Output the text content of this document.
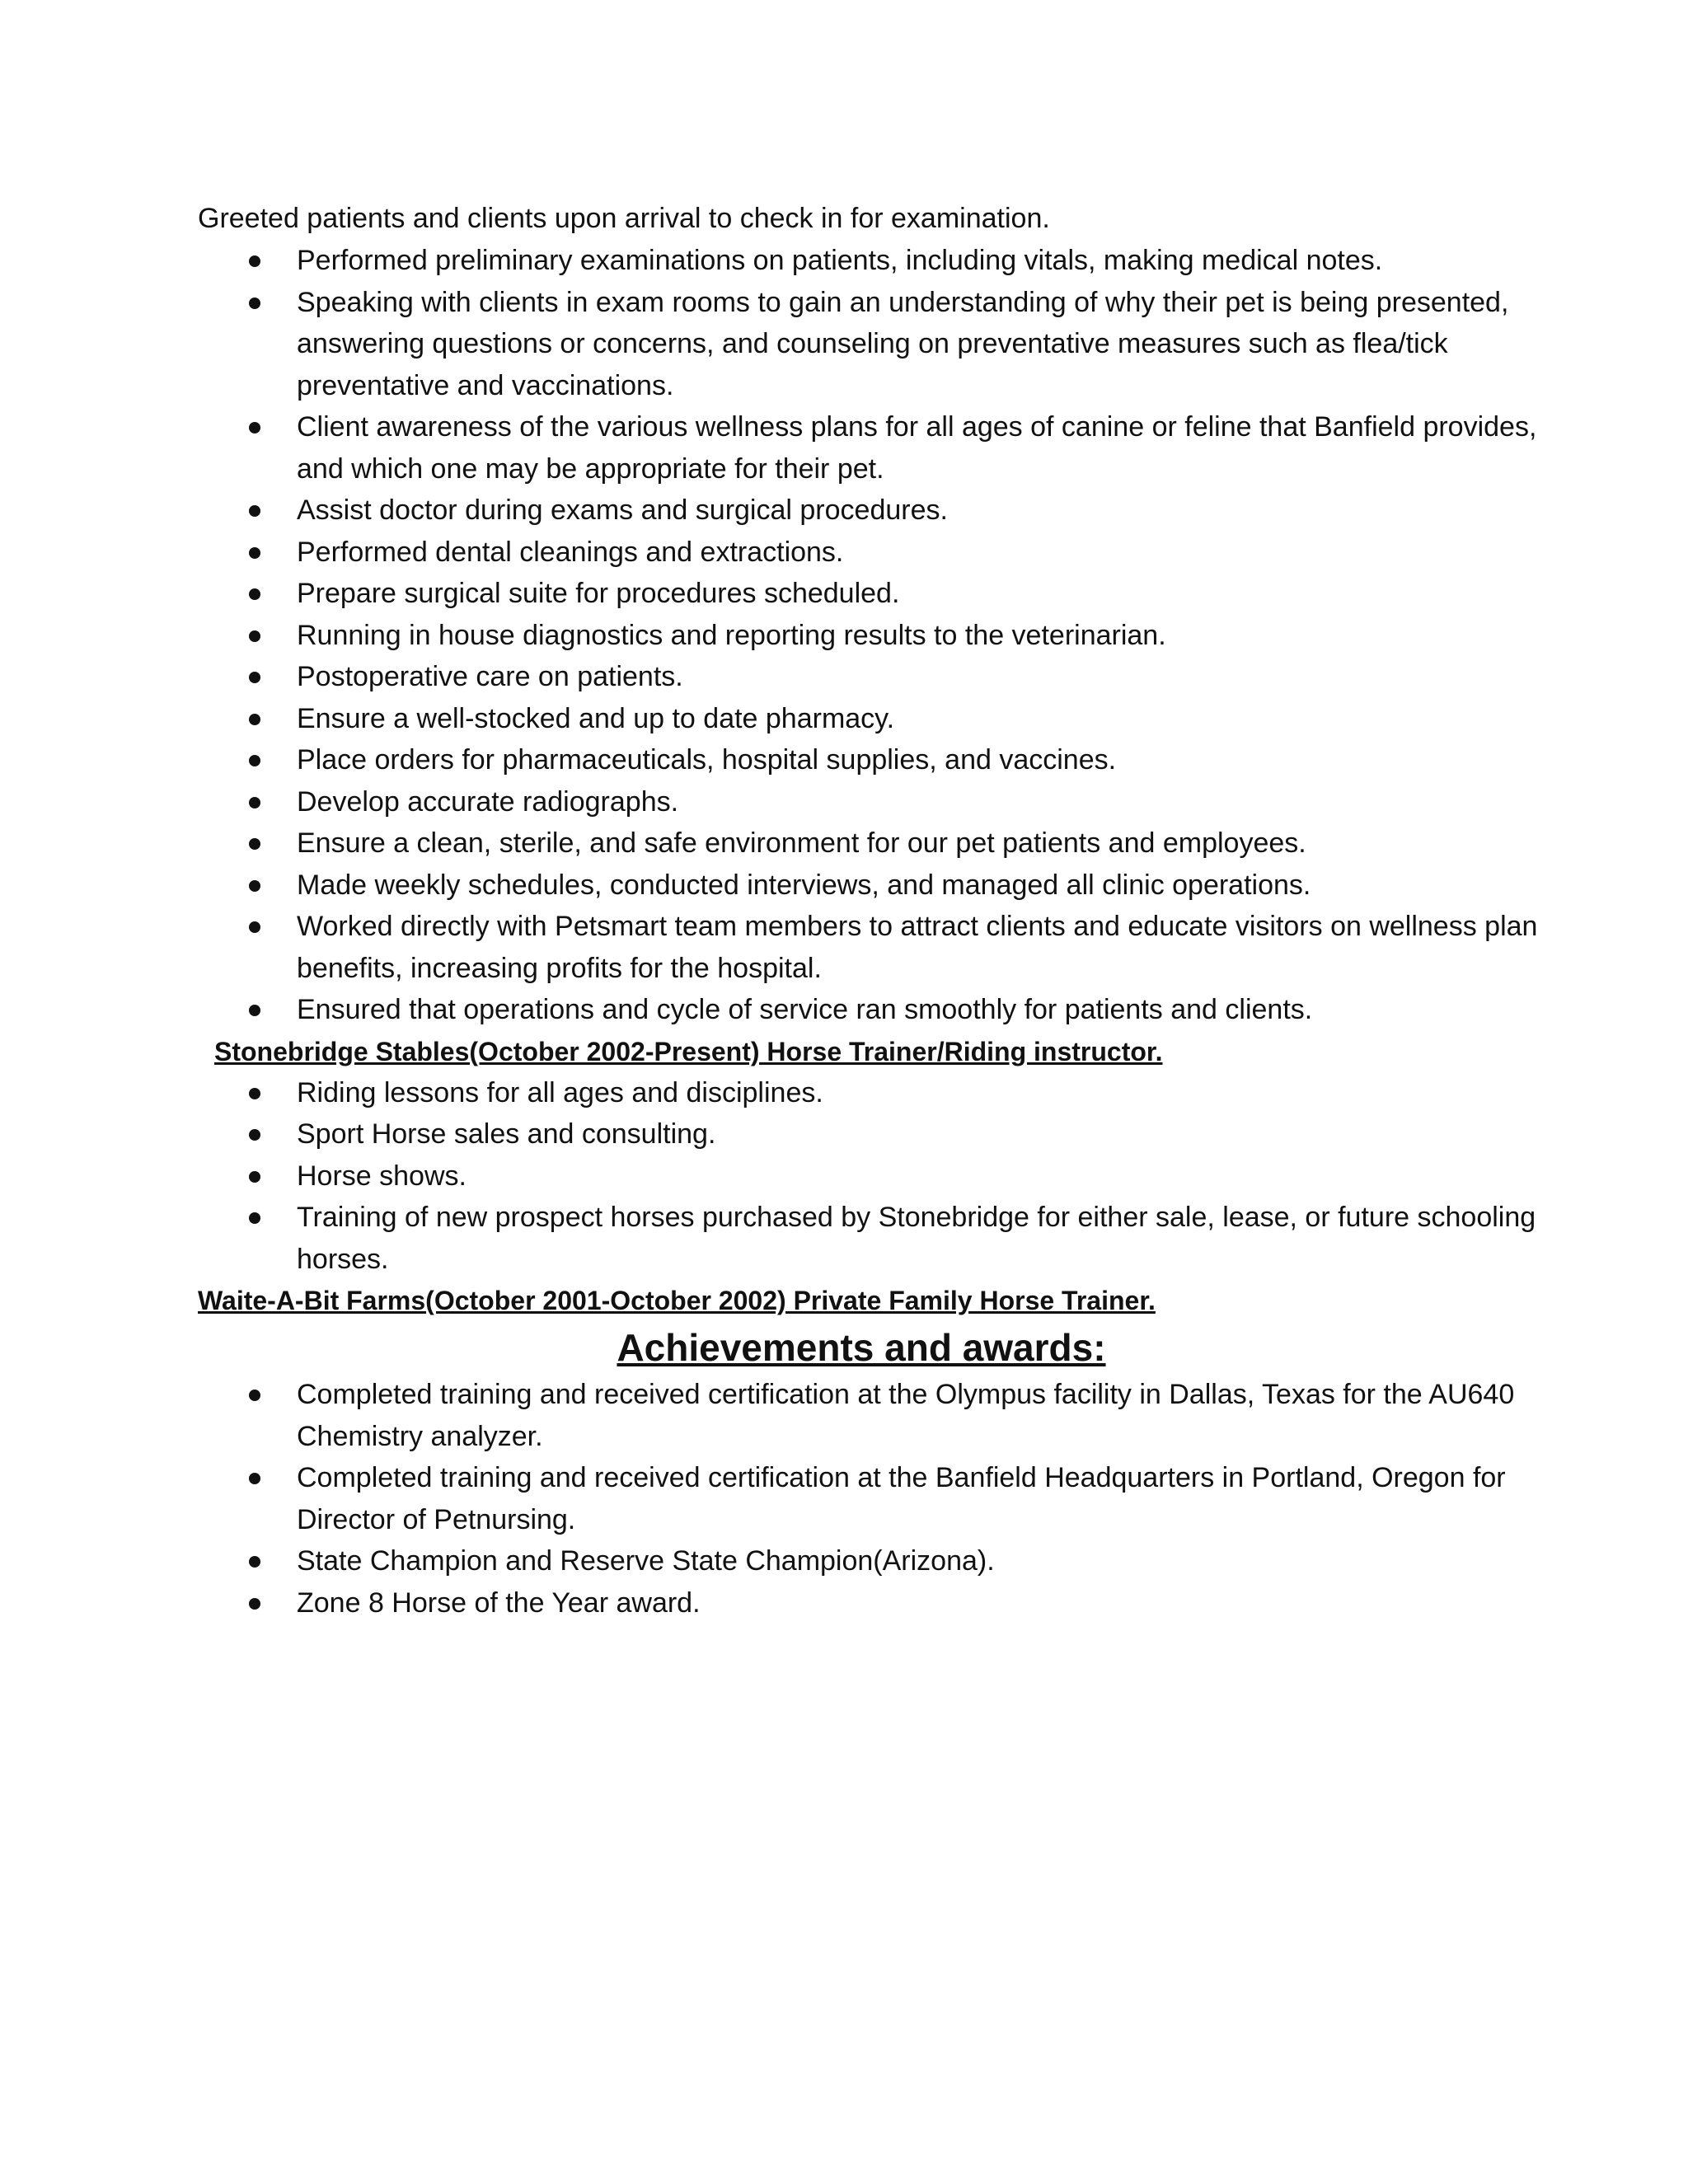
Greeted patients and clients upon arrival to check in for examination.

Performed preliminary examinations on patients, including vitals, making medical notes.
Speaking with clients in exam rooms to gain an understanding of why their pet is being presented, answering questions or concerns, and counseling on preventative measures such as flea/tick preventative and vaccinations.
Client awareness of the various wellness plans for all ages of canine or feline that Banfield provides, and which one may be appropriate for their pet.
Assist doctor during exams and surgical procedures.
Performed dental cleanings and extractions.
Prepare surgical suite for procedures scheduled.
Running in house diagnostics and reporting results to the veterinarian.
Postoperative care on patients.
Ensure a well-stocked and up to date pharmacy.
Place orders for pharmaceuticals, hospital supplies, and vaccines.
Develop accurate radiographs.
Ensure a clean, sterile, and safe environment for our pet patients and employees.
Made weekly schedules, conducted interviews, and managed all clinic operations.
Worked directly with Petsmart team members to attract clients and educate visitors on wellness plan benefits, increasing profits for the hospital.
Ensured that operations and cycle of service ran smoothly for patients and clients.

Stonebridge Stables(October 2002-Present) Horse Trainer/Riding instructor.

Riding lessons for all ages and disciplines.
Sport Horse sales and consulting.
Horse shows.
Training of new prospect horses purchased by Stonebridge for either sale, lease, or future schooling horses.

Waite-A-Bit Farms(October 2001-October 2002) Private Family Horse Trainer.

Achievements and awards:
Completed training and received certification at the Olympus facility in Dallas, Texas for the AU640 Chemistry analyzer.
Completed training and received certification at the Banfield Headquarters in Portland, Oregon for Director of Petnursing.
State Champion and Reserve State Champion(Arizona).
Zone 8 Horse of the Year award.
